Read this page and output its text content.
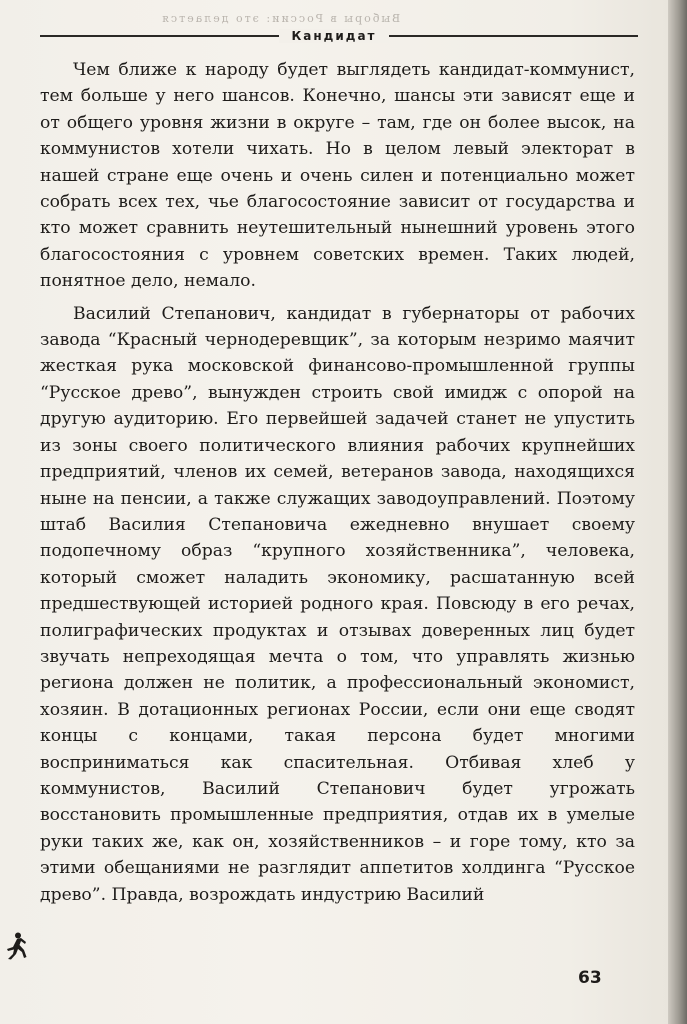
Выборы в России: это делается
Кандидат

Чем ближе к народу будет выглядеть кандидат-коммунист, тем больше у него шансов. Конечно, шансы эти зависят еще и от общего уровня жизни в округе – там, где он более высок, на коммунистов хотели чихать. Но в целом левый электорат в нашей стране еще очень и очень силен и потенциально может собрать всех тех, чье благосостояние зависит от государства и кто может сравнить неутешительный нынешний уровень этого благосостояния с уровнем советских времен. Таких людей, понятное дело, немало.

Василий Степанович, кандидат в губернаторы от рабочих завода “Красный чернодеревщик”, за которым незримо маячит жесткая рука московской финансово-промышленной группы “Русское древо”, вынужден строить свой имидж с опорой на другую аудиторию. Его первейшей задачей станет не упустить из зоны своего политического влияния рабочих крупнейших предприятий, членов их семей, ветеранов завода, находящихся ныне на пенсии, а также служащих заводоуправлений. Поэтому штаб Василия Степановича ежедневно внушает своему подопечному образ “крупного хозяйственника”, человека, который сможет наладить экономику, расшатанную всей предшествующей историей родного края. Повсюду в его речах, полиграфических продуктах и отзывах доверенных лиц будет звучать непреходящая мечта о том, что управлять жизнью региона должен не политик, а профессиональный экономист, хозяин. В дотационных регионах России, если они еще сводят концы с концами, такая персона будет многими восприниматься как спасительная. Отбивая хлеб у коммунистов, Василий Степанович будет угрожать восстановить промышленные предприятия, отдав их в умелые руки таких же, как он, хозяйственников – и горе тому, кто за этими обещаниями не разглядит аппетитов холдинга “Русское древо”. Правда, возрождать индустрию Василий

63
